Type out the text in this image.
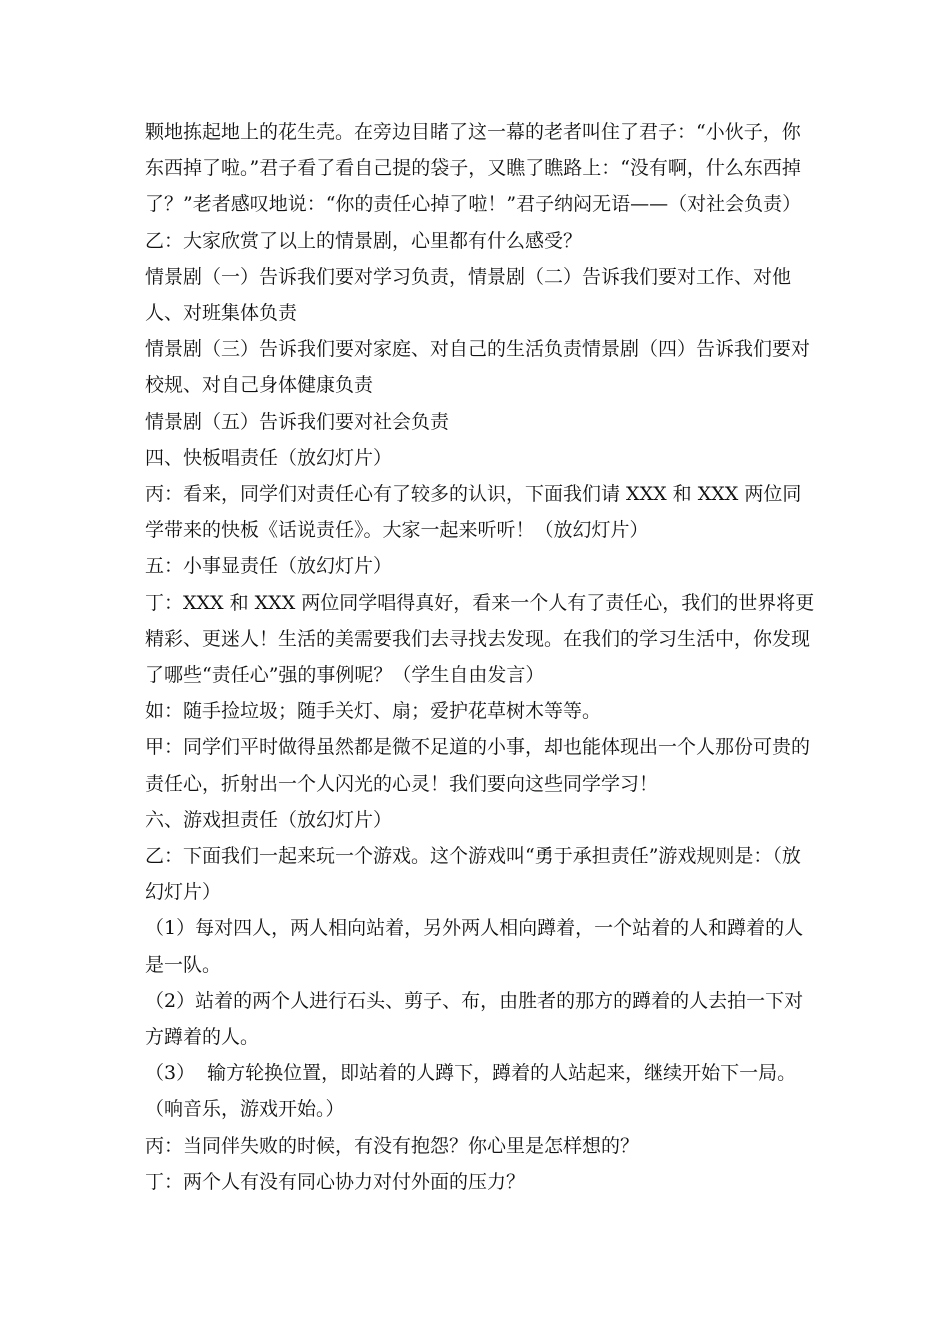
颗地拣起地上的花生壳。在旁边目睹了这一幕的老者叫住了君子：“小伙子，你东西掉了啦。”君子看了看自己提的袋子，又瞧了瞧路上：“没有啊，什么东西掉了？”老者感叹地说：“你的责任心掉了啦！”君子纳闷无语——（对社会负责）

乙：大家欣赏了以上的情景剧，心里都有什么感受？

情景剧（一）告诉我们要对学习负责，情景剧（二）告诉我们要对工作、对他人、对班集体负责

情景剧（三）告诉我们要对家庭、对自己的生活负责情景剧（四）告诉我们要对校规、对自己身体健康负责

情景剧（五）告诉我们要对社会负责

四、快板唱责任（放幻灯片）

丙：看来，同学们对责任心有了较多的认识，下面我们请 XXX 和 XXX 两位同学带来的快板《话说责任》。大家一起来听听！（放幻灯片）

五：小事显责任（放幻灯片）

丁：XXX 和 XXX 两位同学唱得真好，看来一个人有了责任心，我们的世界将更精彩、更迷人！生活的美需要我们去寻找去发现。在我们的学习生活中，你发现了哪些“责任心”强的事例呢？（学生自由发言）

如：随手捡垃圾；随手关灯、扇；爱护花草树木等等。

甲：同学们平时做得虽然都是微不足道的小事，却也能体现出一个人那份可贵的责任心，折射出一个人闪光的心灵！我们要向这些同学学习！

六、游戏担责任（放幻灯片）

乙：下面我们一起来玩一个游戏。这个游戏叫“勇于承担责任”游戏规则是：（放幻灯片）

（1）每对四人，两人相向站着，另外两人相向蹲着，一个站着的人和蹲着的人是一队。

（2）站着的两个人进行石头、剪子、布，由胜者的那方的蹲着的人去拍一下对方蹲着的人。

（3）  输方轮换位置，即站着的人蹲下，蹲着的人站起来，继续开始下一局。

（响音乐，游戏开始。）

丙：当同伴失败的时候，有没有抱怨？你心里是怎样想的？

丁：两个人有没有同心协力对付外面的压力？
